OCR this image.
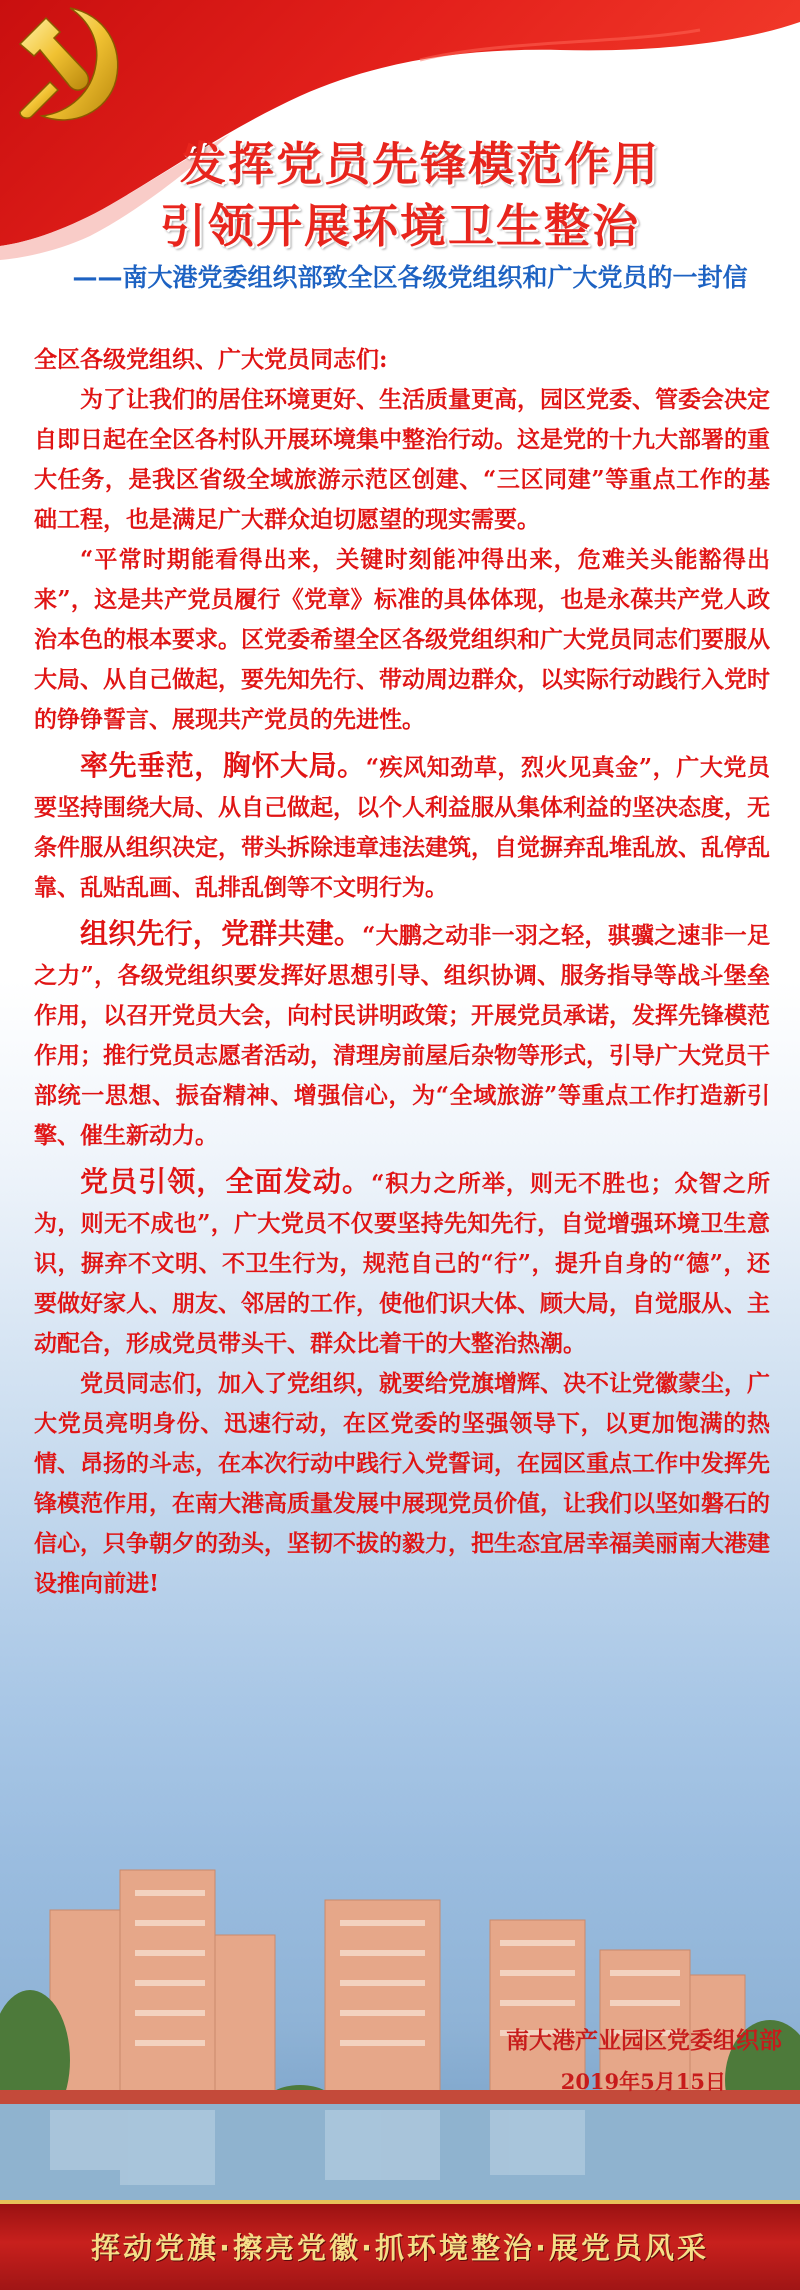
发挥党员先锋模范作用
引领开展环境卫生整治
——南大港党委组织部致全区各级党组织和广大党员的一封信

全区各级党组织、广大党员同志们:

为了让我们的居住环境更好、生活质量更高，园区党委、管委会决定自即日起在全区各村队开展环境集中整治行动。这是党的十九大部署的重大任务，是我区省级全域旅游示范区创建、“三区同建”等重点工作的基础工程，也是满足广大群众迫切愿望的现实需要。

“平常时期能看得出来，关键时刻能冲得出来，危难关头能豁得出来”，这是共产党员履行《党章》标准的具体体现，也是永葆共产党人政治本色的根本要求。区党委希望全区各级党组织和广大党员同志们要服从大局、从自己做起，要先知先行、带动周边群众，以实际行动践行入党时的铮铮誓言、展现共产党员的先进性。

率先垂范，胸怀大局。“疾风知劲草，烈火见真金”，广大党员要坚持围绕大局、从自己做起，以个人利益服从集体利益的坚决态度，无条件服从组织决定，带头拆除违章违法建筑，自觉摒弃乱堆乱放、乱停乱靠、乱贴乱画、乱排乱倒等不文明行为。

组织先行，党群共建。“大鹏之动非一羽之轻，骐骥之速非一足之力”，各级党组织要发挥好思想引导、组织协调、服务指导等战斗堡垒作用，以召开党员大会，向村民讲明政策；开展党员承诺，发挥先锋模范作用；推行党员志愿者活动，清理房前屋后杂物等形式，引导广大党员干部统一思想、振奋精神、增强信心，为“全域旅游”等重点工作打造新引擎、催生新动力。

党员引领，全面发动。“积力之所举，则无不胜也；众智之所为，则无不成也”，广大党员不仅要坚持先知先行，自觉增强环境卫生意识，摒弃不文明、不卫生行为，规范自己的“行”，提升自身的“德”，还要做好家人、朋友、邻居的工作，使他们识大体、顾大局，自觉服从、主动配合，形成党员带头干、群众比着干的大整治热潮。

党员同志们，加入了党组织，就要给党旗增辉、决不让党徽蒙尘，广大党员亮明身份、迅速行动，在区党委的坚强领导下，以更加饱满的热情、昂扬的斗志，在本次行动中践行入党誓词，在园区重点工作中发挥先锋模范作用，在南大港高质量发展中展现党员价值，让我们以坚如磐石的信心，只争朝夕的劲头，坚韧不拔的毅力，把生态宜居幸福美丽南大港建设推向前进!

南大港产业园区党委组织部
2019年5月15日
挥动党旗·擦亮党徽·抓环境整治·展党员风采
